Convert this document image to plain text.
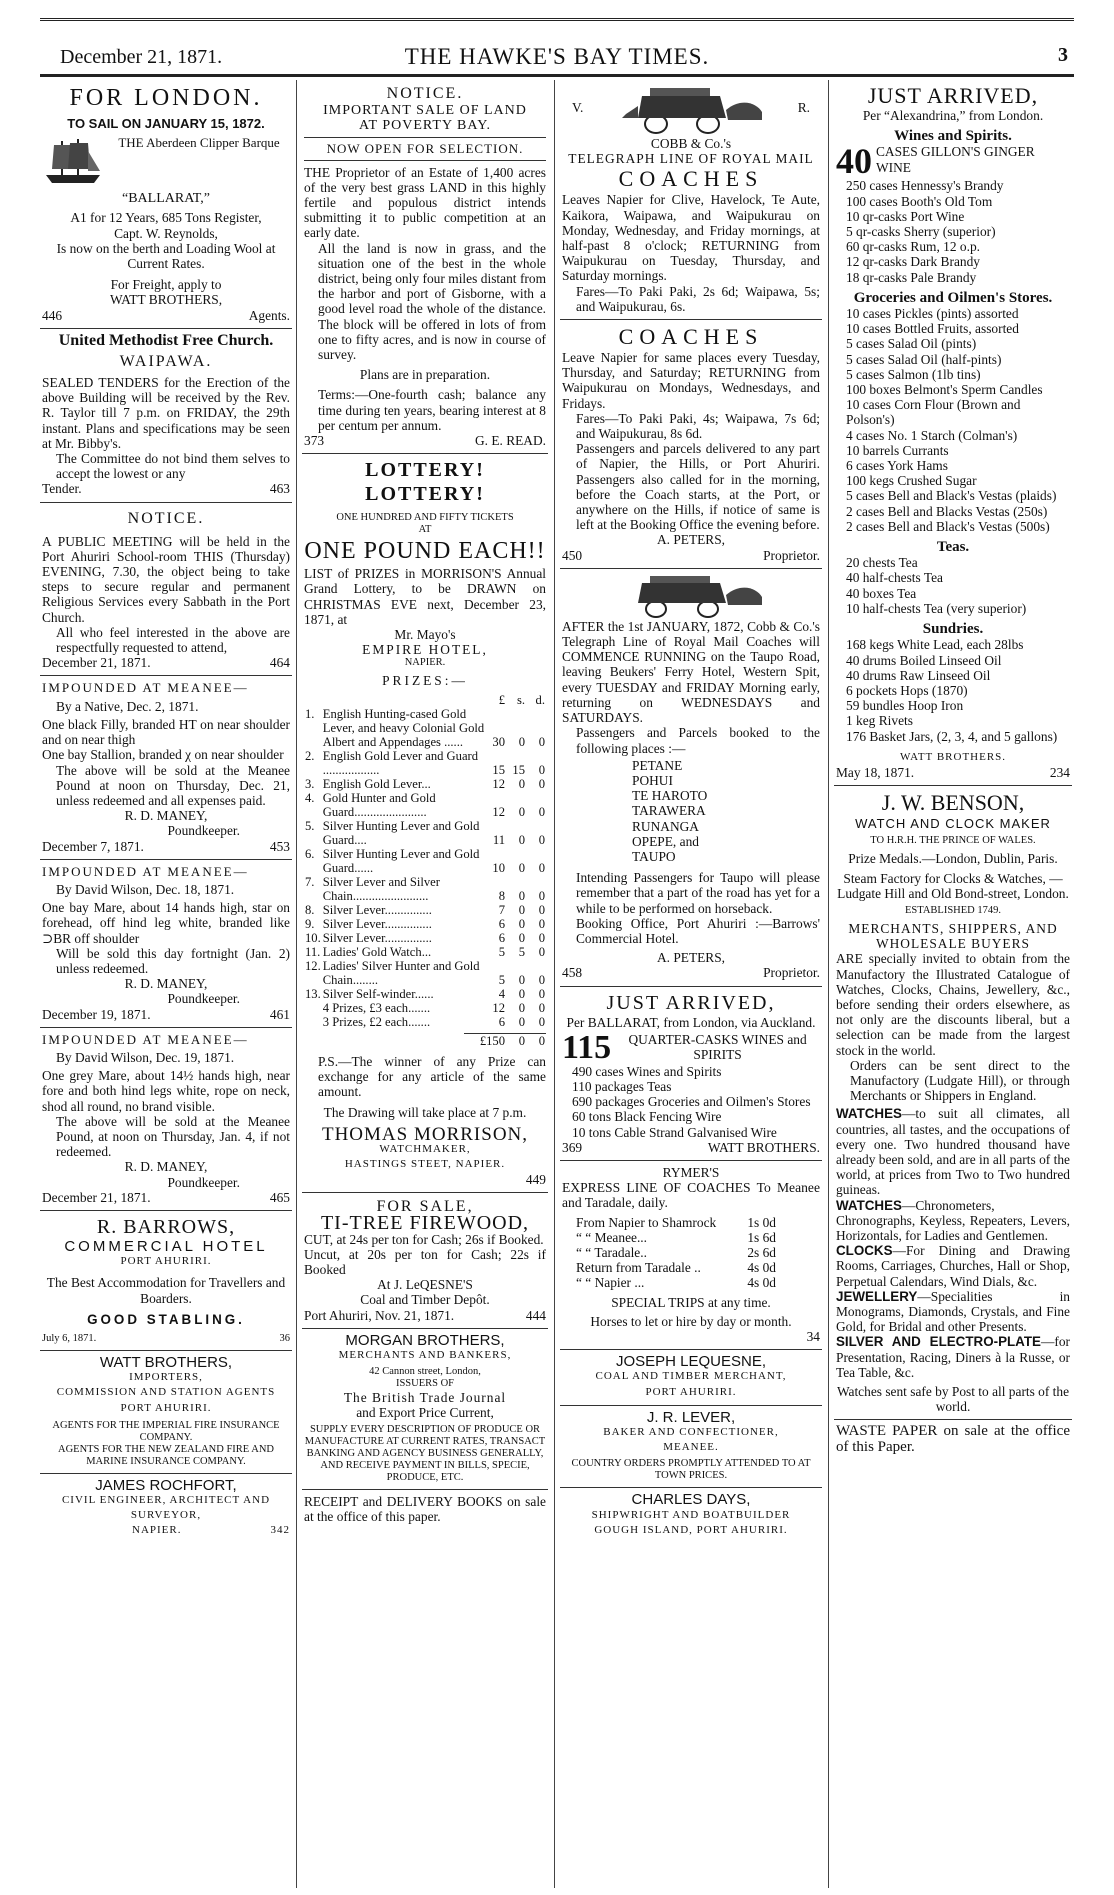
December 21, 1871.	THE HAWKE'S BAY TIMES.	3

FOR LONDON.

TO SAIL ON JANUARY 15, 1872.

THE Aberdeen Clipper Barque

“BALLARAT,”

A1 for 12 Years, 685 Tons Register,

Capt. W. Reynolds,

Is now on the berth and Loading Wool at Current Rates.

For Freight, apply to

WATT BROTHERS,

446	Agents.

United Methodist Free Church.

WAIPAWA.

SEALED TENDERS for the Erection of the above Building will be received by the Rev. R. Taylor till 7 p.m. on FRIDAY, the 29th instant. Plans and specifications may be seen at Mr. Bibby's.

The Committee do not bind them selves to accept the lowest or any

Tender.	463

NOTICE.

A PUBLIC MEETING will be held in the Port Ahuriri School-room THIS (Thursday) EVENING, 7.30, the object being to take steps to secure regular and permanent Religious Services every Sabbath in the Port Church.

All who feel interested in the above are respectfully requested to attend,

December 21, 1871.	464

IMPOUNDED AT MEANEE—

By a Native, Dec. 2, 1871.

One black Filly, branded HT on near shoulder and on near thigh

One bay Stallion, branded χ on near shoulder

The above will be sold at the Meanee Pound at noon on Thursday, Dec. 21, unless redeemed and all expenses paid.

R. D. MANEY,

Poundkeeper.

December 7, 1871.	453

IMPOUNDED AT MEANEE—

By David Wilson, Dec. 18, 1871.

One bay Mare, about 14 hands high, star on forehead, off hind leg white, branded like ⊃BR off shoulder

Will be sold this day fortnight (Jan. 2) unless redeemed.

R. D. MANEY,

Poundkeeper.

December 19, 1871.	461

IMPOUNDED AT MEANEE—

By David Wilson, Dec. 19, 1871.

One grey Mare, about 14½ hands high, near fore and both hind legs white, rope on neck, shod all round, no brand visible.

The above will be sold at the Meanee Pound, at noon on Thursday, Jan. 4, if not redeemed.

R. D. MANEY,

Poundkeeper.

December 21, 1871.	465

R. BARROWS,

COMMERCIAL HOTEL

PORT AHURIRI.

The Best Accommodation for Travellers and Boarders.

GOOD STABLING.

July 6, 1871.	36

WATT BROTHERS,

IMPORTERS,

COMMISSION AND STATION AGENTS

PORT AHURIRI.

AGENTS FOR THE IMPERIAL FIRE INSURANCE COMPANY.

AGENTS FOR THE NEW ZEALAND FIRE AND MARINE INSURANCE COMPANY.

JAMES ROCHFORT,

CIVIL ENGINEER, ARCHITECT AND

SURVEYOR,

NAPIER.	342

NOTICE.

IMPORTANT SALE OF LAND

AT POVERTY BAY.

NOW OPEN FOR SELECTION.

THE Proprietor of an Estate of 1,400 acres of the very best grass LAND in this highly fertile and populous district intends submitting it to public competition at an early date.

All the land is now in grass, and the situation one of the best in the whole district, being only four miles distant from the harbor and port of Gisborne, with a good level road the whole of the distance. The block will be offered in lots of from one to fifty acres, and is now in course of survey.

Plans are in preparation.

Terms:—One-fourth cash; balance any time during ten years, bearing interest at 8 per centum per annum.

373	G. E. READ.

LOTTERY! LOTTERY!

ONE HUNDRED AND FIFTY TICKETS

AT

ONE POUND EACH!!

LIST of PRIZES in MORRISON'S Annual Grand Lottery, to be DRAWN on CHRISTMAS EVE next, December 23, 1871, at

Mr. Mayo's

EMPIRE HOTEL,

NAPIER.

PRIZES:—

		£	s.	d.
1.	English Hunting-cased Gold Lever, and heavy Colonial Gold Albert and Appendages ......	30	0	0
2.	English Gold Lever and Guard ..................	15	15	0
3.	English Gold Lever...	12	0	0
4.	Gold Hunter and Gold Guard.......................	12	0	0
5.	Silver Hunting Lever and Gold Guard....	11	0	0
6.	Silver Hunting Lever and Gold Guard......	10	0	0
7.	Silver Lever and Silver Chain........................	8	0	0
8.	Silver Lever...............	7	0	0
9.	Silver Lever...............	6	0	0
10.	Silver Lever...............	6	0	0
11.	Ladies' Gold Watch...	5	5	0
12.	Ladies' Silver Hunter and Gold Chain........	5	0	0
13.	Silver Self-winder......	4	0	0
	4 Prizes, £3 each.......	12	0	0
	3 Prizes, £2 each.......	6	0	0
	£150	0	0

P.S.—The winner of any Prize can exchange for any article of the same amount.

The Drawing will take place at 7 p.m.

THOMAS MORRISON,

WATCHMAKER,

HASTINGS STEET, NAPIER.

449

FOR SALE,

TI-TREE FIREWOOD,

CUT, at 24s per ton for Cash; 26s if Booked.

Uncut, at 20s per ton for Cash; 22s if Booked

At J. LeQESNE'S

Coal and Timber Depôt.

Port Ahuriri, Nov. 21, 1871.	444

MORGAN BROTHERS,

MERCHANTS AND BANKERS,

42 Cannon street, London,

ISSUERS OF

The British Trade Journal

and Export Price Current,

SUPPLY EVERY DESCRIPTION OF PRODUCE OR MANUFACTURE AT CURRENT RATES, TRANSACT BANKING AND AGENCY BUSINESS GENERALLY,

AND RECEIVE PAYMENT IN BILLS, SPECIE, PRODUCE, ETC.

RECEIPT and DELIVERY BOOKS on sale at the office of this paper.

V.	R.

COBB & Co.'s

TELEGRAPH LINE OF ROYAL MAIL

COACHES

Leaves Napier for Clive, Havelock, Te Aute, Kaikora, Waipawa, and Waipukurau on Monday, Wednesday, and Friday mornings, at half-past 8 o'clock; RETURNING from Waipukurau on Tuesday, Thursday, and Saturday mornings.

Fares—To Paki Paki, 2s 6d; Waipawa, 5s; and Waipukurau, 6s.

COACHES

Leave Napier for same places every Tuesday, Thursday, and Saturday; RETURNING from Waipukurau on Mondays, Wednesdays, and Fridays.

Fares—To Paki Paki, 4s; Waipawa, 7s 6d; and Waipukurau, 8s 6d.

Passengers and parcels delivered to any part of Napier, the Hills, or Port Ahuriri. Passengers also called for in the morning, before the Coach starts, at the Port, or anywhere on the Hills, if notice of same is left at the Booking Office the evening before.

A. PETERS,

450	Proprietor.

AFTER the 1st JANUARY, 1872, Cobb & Co.'s Telegraph Line of Royal Mail Coaches will COMMENCE RUNNING on the Taupo Road, leaving Beukers' Ferry Hotel, Western Spit, every TUESDAY and FRIDAY Morning early, returning on WEDNESDAYS and SATURDAYS.

Passengers and Parcels booked to the following places :—

PETANE

POHUI

TE HAROTO

TARAWERA

RUNANGA

OPEPE, and

TAUPO

Intending Passengers for Taupo will please remember that a part of the road has yet for a while to be performed on horseback.

Booking Office, Port Ahuriri :—Barrows' Commercial Hotel.

A. PETERS,

458	Proprietor.

JUST ARRIVED,

Per BALLARAT, from London, via Auckland.

115	QUARTER-CASKS WINES and SPIRITS

490 cases Wines and Spirits

110 packages Teas

690 packages Groceries and Oilmen's Stores

60 tons Black Fencing Wire

10 tons Cable Strand Galvanised Wire

369	WATT BROTHERS.

RYMER'S

EXPRESS LINE OF COACHES To Meanee and Taradale, daily.

From Napier to Shamrock 1s 0d
“ “ Meanee...	1s 6d
“ “ Taradale..	2s 6d
Return from Taradale ..	4s 0d
“ “ Napier ...	4s 0d

SPECIAL TRIPS at any time.

Horses to let or hire by day or month.

34

JOSEPH LEQUESNE,

COAL AND TIMBER MERCHANT,

PORT AHURIRI.

J. R. LEVER,

BAKER AND CONFECTIONER,

MEANEE.

COUNTRY ORDERS PROMPTLY ATTENDED TO AT TOWN PRICES.

CHARLES DAYS,

SHIPWRIGHT AND BOATBUILDER

GOUGH ISLAND, PORT AHURIRI.

JUST ARRIVED,

Per “Alexandrina,” from London.

Wines and Spirits.

40 CASES GILLON'S GINGER WINE

250 cases Hennessy's Brandy

100 cases Booth's Old Tom

10 qr-casks Port Wine

5 qr-casks Sherry (superior)

60 qr-casks Rum, 12 o.p.

12 qr-casks Dark Brandy

18 qr-casks Pale Brandy

Groceries and Oilmen's Stores.

10 cases Pickles (pints) assorted

10 cases Bottled Fruits, assorted

5 cases Salad Oil (pints)

5 cases Salad Oil (half-pints)

5 cases Salmon (1lb tins)

100 boxes Belmont's Sperm Candles

10 cases Corn Flour (Brown and Polson's)

4 cases No. 1 Starch (Colman's)

10 barrels Currants

6 cases York Hams

100 kegs Crushed Sugar

5 cases Bell and Black's Vestas (plaids)

2 cases Bell and Blacks Vestas (250s)

2 cases Bell and Black's Vestas (500s)

Teas.

20 chests Tea

40 half-chests Tea

40 boxes Tea

10 half-chests Tea (very superior)

Sundries.

168 kegs White Lead, each 28lbs

40 drums Boiled Linseed Oil

40 drums Raw Linseed Oil

6 pockets Hops (1870)

59 bundles Hoop Iron

1 keg Rivets

176 Basket Jars, (2, 3, 4, and 5 gallons)

WATT BROTHERS.

May 18, 1871.	234

J. W. BENSON,

WATCH AND CLOCK MAKER

TO H.R.H. THE PRINCE OF WALES.

Prize Medals.—London, Dublin, Paris.

Steam Factory for Clocks & Watches, —Ludgate Hill and Old Bond-street, London.

ESTABLISHED 1749.

MERCHANTS, SHIPPERS, AND WHOLESALE BUYERS

ARE specially invited to obtain from the Manufactory the Illustrated Catalogue of Watches, Clocks, Chains, Jewellery, &c., before sending their orders elsewhere, as not only are the discounts liberal, but a selection can be made from the largest stock in the world.

Orders can be sent direct to the Manufactory (Ludgate Hill), or through Merchants or Shippers in England.

WATCHES—to suit all climates, all countries, all tastes, and the occupations of every one. Two hundred thousand have already been sold, and are in all parts of the world, at prices from Two to Two hundred guineas.

WATCHES—Chronometers, Chronographs, Keyless, Repeaters, Levers, Horizontals, for Ladies and Gentlemen.

CLOCKS—For Dining and Drawing Rooms, Carriages, Churches, Hall or Shop, Perpetual Calendars, Wind Dials, &c.

JEWELLERY—Specialities in Monograms, Diamonds, Crystals, and Fine Gold, for Bridal and other Presents.

SILVER AND ELECTRO-PLATE—for Presentation, Racing, Diners à la Russe, or Tea Table, &c.

Watches sent safe by Post to all parts of the world.

WASTE PAPER on sale at the office of this Paper.
